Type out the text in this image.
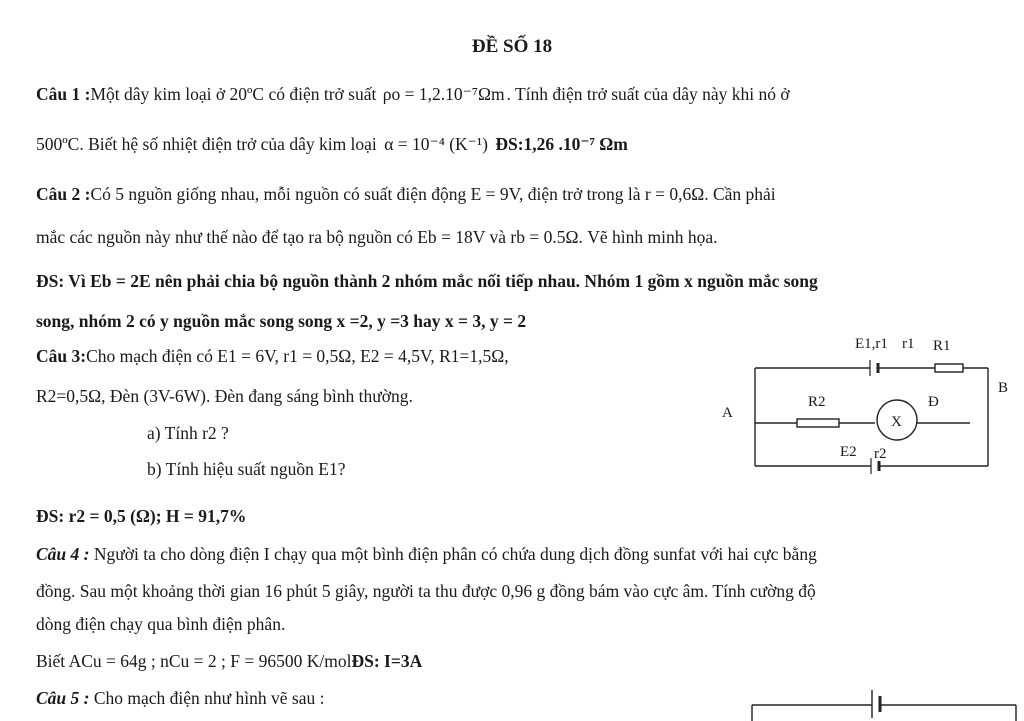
ĐỀ SỐ 18
Câu 1 :Một dây kim loại ở 20ºC có điện trở suất ρo = 1,2.10⁻⁷Ωm . Tính điện trở suất của dây này khi nó ở
500ºC. Biết hệ số nhiệt điện trở của dây kim loại α = 10⁻⁴ (K⁻¹) ĐS:1,26 .10⁻⁷ Ωm
Câu 2 :Có 5 nguồn giống nhau, mỗi nguồn có suất điện động E = 9V, điện trở trong là r = 0,6Ω. Cần phải
mắc các nguồn này như thế nào để tạo ra bộ nguồn có Eb = 18V và rb = 0.5Ω. Vẽ hình minh họa.
ĐS: Vì Eb = 2E nên phải chia bộ nguồn thành 2 nhóm mắc nối tiếp nhau. Nhóm 1 gồm x nguồn mắc song
song, nhóm 2 có y nguồn mắc song song x =2, y =3 hay x = 3, y = 2
Câu 3:Cho mạch điện có E1 = 6V, r1 = 0,5Ω, E2 = 4,5V, R1=1,5Ω,
R2=0,5Ω, Đèn (3V-6W). Đèn đang sáng bình thường.
a) Tính r2 ?
b) Tính hiệu suất nguồn E1?
ĐS: r2 = 0,5 (Ω); H = 91,7%
E1,r1 r1 R1
B
A
R2	Đ
X
E2 r2
Câu 4 : Người ta cho dòng điện I chạy qua một bình điện phân có chứa dung dịch đồng sunfat với hai cực bằng
đồng. Sau một khoảng thời gian 16 phút 5 giây, người ta thu được 0,96 g đồng bám vào cực âm. Tính cường độ
dòng điện chạy qua bình điện phân.
Biết ACu = 64g ; nCu = 2 ; F = 96500 K/molĐS: I=3A
Câu 5 : Cho mạch điện như hình vẽ sau :
